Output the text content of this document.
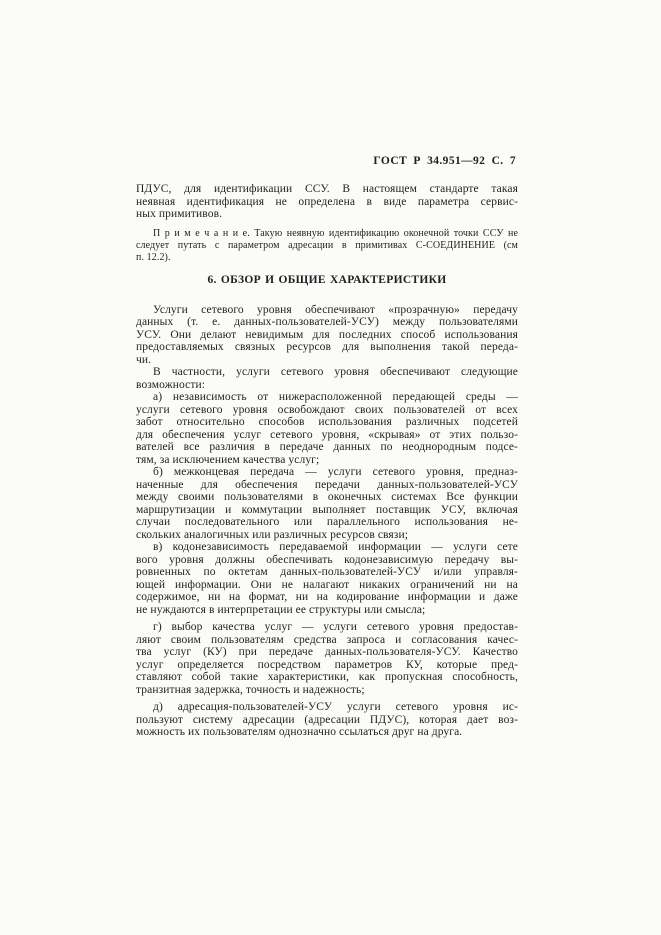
ГОСТ Р 34.951—92 С. 7
ПДУС, для идентификации ССУ. В настоящем стандарте такая
неявная идентификация не определена в виде параметра сервис-
ных примитивов.
П р и м е ч а н и е. Такую неявную идентификацию оконечной точки ССУ не
следует путать с параметром адресации в примитивах С-СОЕДИНЕНИЕ (см
п. 12.2).
6. ОБЗОР И ОБЩИЕ ХАРАКТЕРИСТИКИ
Услуги сетевого уровня обеспечивают «прозрачную» передачу
данных (т. е. данных-пользователей-УСУ) между пользователями
УСУ. Они делают невидимым для последних способ использования
предоставляемых связных ресурсов для выполнения такой переда-
чи.
В частности, услуги сетевого уровня обеспечивают следующие
возможности:
а) независимость от нижерасположенной передающей среды —
услуги сетевого уровня освобождают своих пользователей от всех
забот относительно способов использования различных подсетей
для обеспечения услуг сетевого уровня, «скрывая» от этих пользо-
вателей все различия в передаче данных по неоднородным подсе-
тям, за исключением качества услуг;
б) межконцевая передача — услуги сетевого уровня, предназ-
наченные для обеспечения передачи данных-пользователей-УСУ
между своими пользователями в оконечных системах Все функции
маршрутизации и коммутации выполняет поставщик УСУ, включая
случаи последовательного или параллельного использования не-
скольких аналогичных или различных ресурсов связи;
в) кодонезависимость передаваемой информации — услуги сете
вого уровня должны обеспечивать кодонезависимую передачу вы-
ровненных по октетам данных-пользователей-УСУ и/или управля-
ющей информации. Они не налагают никаких ограничений ни на
содержимое, ни на формат, ни на кодирование информации и даже
не нуждаются в интерпретации ее структуры или смысла;
г) выбор качества услуг — услуги сетевого уровня предостав-
ляют своим пользователям средства запроса и согласования качес-
тва услуг (КУ) при передаче данных-пользователя-УСУ. Качество
услуг определяется посредством параметров КУ, которые пред-
ставляют собой такие характеристики, как пропускная способность,
транзитная задержка, точность и надежность;
д) адресация-пользователей-УСУ услуги сетевого уровня ис-
пользуют систему адресации (адресации ПДУС), которая дает воз-
можность их пользователям однозначно ссылаться друг на друга.
